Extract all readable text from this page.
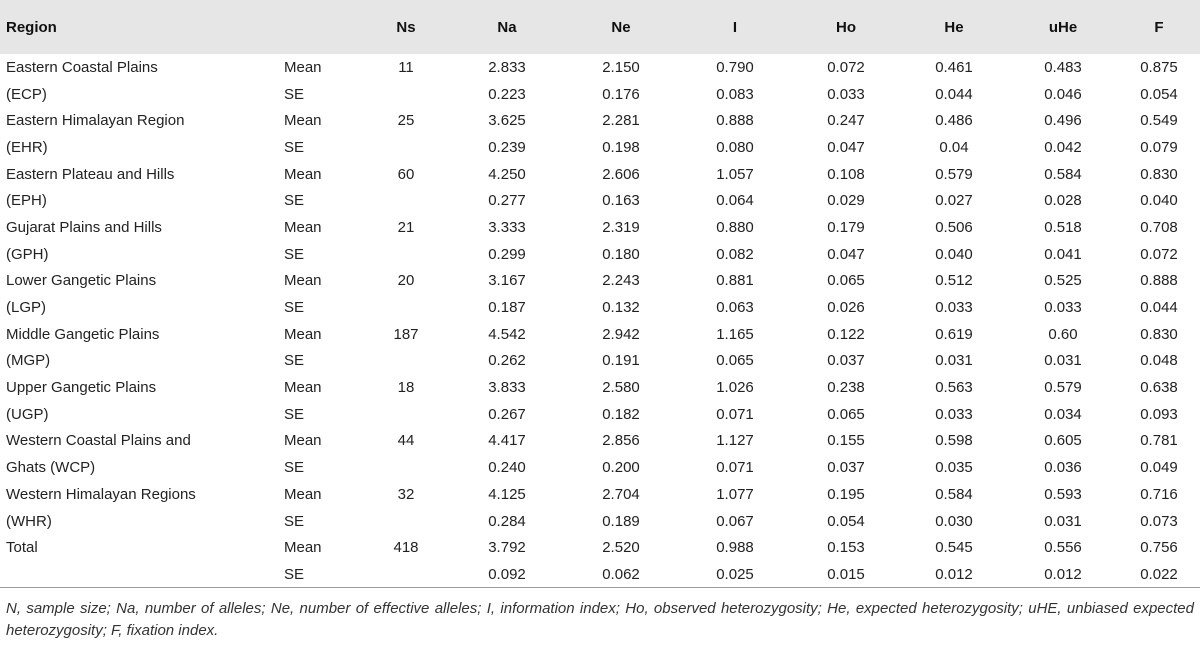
Region		Ns	Na	Ne	I	Ho	He	uHe	F
Eastern Coastal Plains	Mean	11	2.833	2.150	0.790	0.072	0.461	0.483	0.875
(ECP)	SE		0.223	0.176	0.083	0.033	0.044	0.046	0.054
Eastern Himalayan Region	Mean	25	3.625	2.281	0.888	0.247	0.486	0.496	0.549
(EHR)	SE		0.239	0.198	0.080	0.047	0.04	0.042	0.079
Eastern Plateau and Hills	Mean	60	4.250	2.606	1.057	0.108	0.579	0.584	0.830
(EPH)	SE		0.277	0.163	0.064	0.029	0.027	0.028	0.040
Gujarat Plains and Hills	Mean	21	3.333	2.319	0.880	0.179	0.506	0.518	0.708
(GPH)	SE		0.299	0.180	0.082	0.047	0.040	0.041	0.072
Lower Gangetic Plains	Mean	20	3.167	2.243	0.881	0.065	0.512	0.525	0.888
(LGP)	SE		0.187	0.132	0.063	0.026	0.033	0.033	0.044
Middle Gangetic Plains	Mean	187	4.542	2.942	1.165	0.122	0.619	0.60	0.830
(MGP)	SE		0.262	0.191	0.065	0.037	0.031	0.031	0.048
Upper Gangetic Plains	Mean	18	3.833	2.580	1.026	0.238	0.563	0.579	0.638
(UGP)	SE		0.267	0.182	0.071	0.065	0.033	0.034	0.093
Western Coastal Plains and	Mean	44	4.417	2.856	1.127	0.155	0.598	0.605	0.781
Ghats (WCP)	SE		0.240	0.200	0.071	0.037	0.035	0.036	0.049
Western Himalayan Regions	Mean	32	4.125	2.704	1.077	0.195	0.584	0.593	0.716
(WHR)	SE		0.284	0.189	0.067	0.054	0.030	0.031	0.073
Total	Mean	418	3.792	2.520	0.988	0.153	0.545	0.556	0.756
	SE		0.092	0.062	0.025	0.015	0.012	0.012	0.022
N, sample size; Na, number of alleles; Ne, number of effective alleles; I, information index; Ho, observed heterozygosity; He, expected heterozygosity; uHE, unbiased expected heterozygosity; F, fixation index.
